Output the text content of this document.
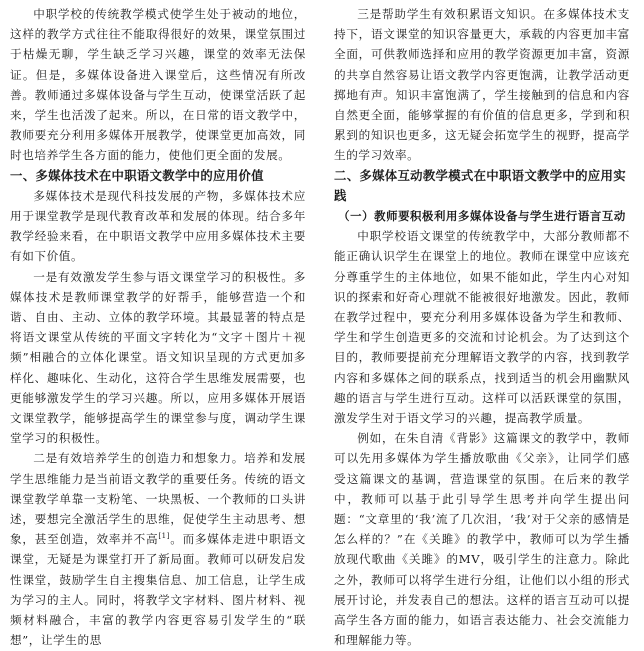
中职学校的传统教学模式使学生处于被动的地位，这样的教学方式往往不能取得很好的效果，课堂氛围过于枯燥无聊，学生缺乏学习兴趣，课堂的效率无法保证。但是，多媒体设备进入课堂后，这些情况有所改善。教师通过多媒体设备与学生互动，使课堂活跃了起来，学生也活泼了起来。所以，在日常的语文教学中，教师要充分利用多媒体开展教学，使课堂更加高效，同时也培养学生各方面的能力，使他们更全面的发展。

一、多媒体技术在中职语文教学中的应用价值

多媒体技术是现代科技发展的产物，多媒体技术应用于课堂教学是现代教育改革和发展的体现。结合多年教学经验来看，在中职语文教学中应用多媒体技术主要有如下价值。

一是有效激发学生参与语文课堂学习的积极性。多媒体技术是教师课堂教学的好帮手，能够营造一个和谐、自由、主动、立体的教学环境。其最显著的特点是将语文课堂从传统的平面文字转化为“文字＋图片＋视频”相融合的立体化课堂。语文知识呈现的方式更加多样化、趣味化、生动化，这符合学生思维发展需要，也更能够激发学生的学习兴趣。所以，应用多媒体开展语文课堂教学，能够提高学生的课堂参与度，调动学生课堂学习的积极性。

二是有效培养学生的创造力和想象力。培养和发展学生思维能力是当前语文教学的重要任务。传统的语文课堂教学单靠一支粉笔、一块黑板、一个教师的口头讲述，要想完全激活学生的思维，促使学生主动思考、想象，甚至创造，效率并不高[1]。而多媒体走进中职语文课堂，无疑是为课堂打开了新局面。教师可以研发启发性课堂，鼓励学生自主搜集信息、加工信息，让学生成为学习的主人。同时，将教学文字材料、图片材料、视频材料融合，丰富的教学内容更容易引发学生的“联想”，让学生的思

三是帮助学生有效积累语文知识。在多媒体技术支持下，语文课堂的知识容量更大，承载的内容更加丰富全面，可供教师选择和应用的教学资源更加丰富，资源的共享自然容易让语文教学内容更饱满，让教学活动更掷地有声。知识丰富饱满了，学生接触到的信息和内容自然更全面，能够掌握的有价值的信息更多，学到和积累到的知识也更多，这无疑会拓宽学生的视野，提高学生的学习效率。

二、多媒体互动教学模式在中职语文教学中的应用实践
（一）教师要积极利用多媒体设备与学生进行语言互动

中职学校语文课堂的传统教学中，大部分教师都不能正确认识学生在课堂上的地位。教师在课堂中应该充分尊重学生的主体地位，如果不能如此，学生内心对知识的探索和好奇心理就不能被很好地激发。因此，教师在教学过程中，要充分利用多媒体设备为学生和教师、学生和学生创造更多的交流和讨论机会。为了达到这个目的，教师要提前充分理解语文教学的内容，找到教学内容和多媒体之间的联系点，找到适当的机会用幽默风趣的语言与学生进行互动。这样可以活跃课堂的氛围，激发学生对于语文学习的兴趣，提高教学质量。

例如，在朱自清《背影》这篇课文的教学中，教师可以先用多媒体为学生播放歌曲《父亲》，让同学们感受这篇课文的基调，营造课堂的氛围。在后来的教学中，教师可以基于此引导学生思考并向学生提出问题：“文章里的‘我’流了几次泪，‘我’对于父亲的感情是怎么样的？”在《关雎》的教学中，教师可以为学生播放现代歌曲《关雎》的MV，吸引学生的注意力。除此之外，教师可以将学生进行分组，让他们以小组的形式展开讨论，并发表自己的想法。这样的语言互动可以提高学生各方面的能力，如语言表达能力、社会交流能力和理解能力等。
